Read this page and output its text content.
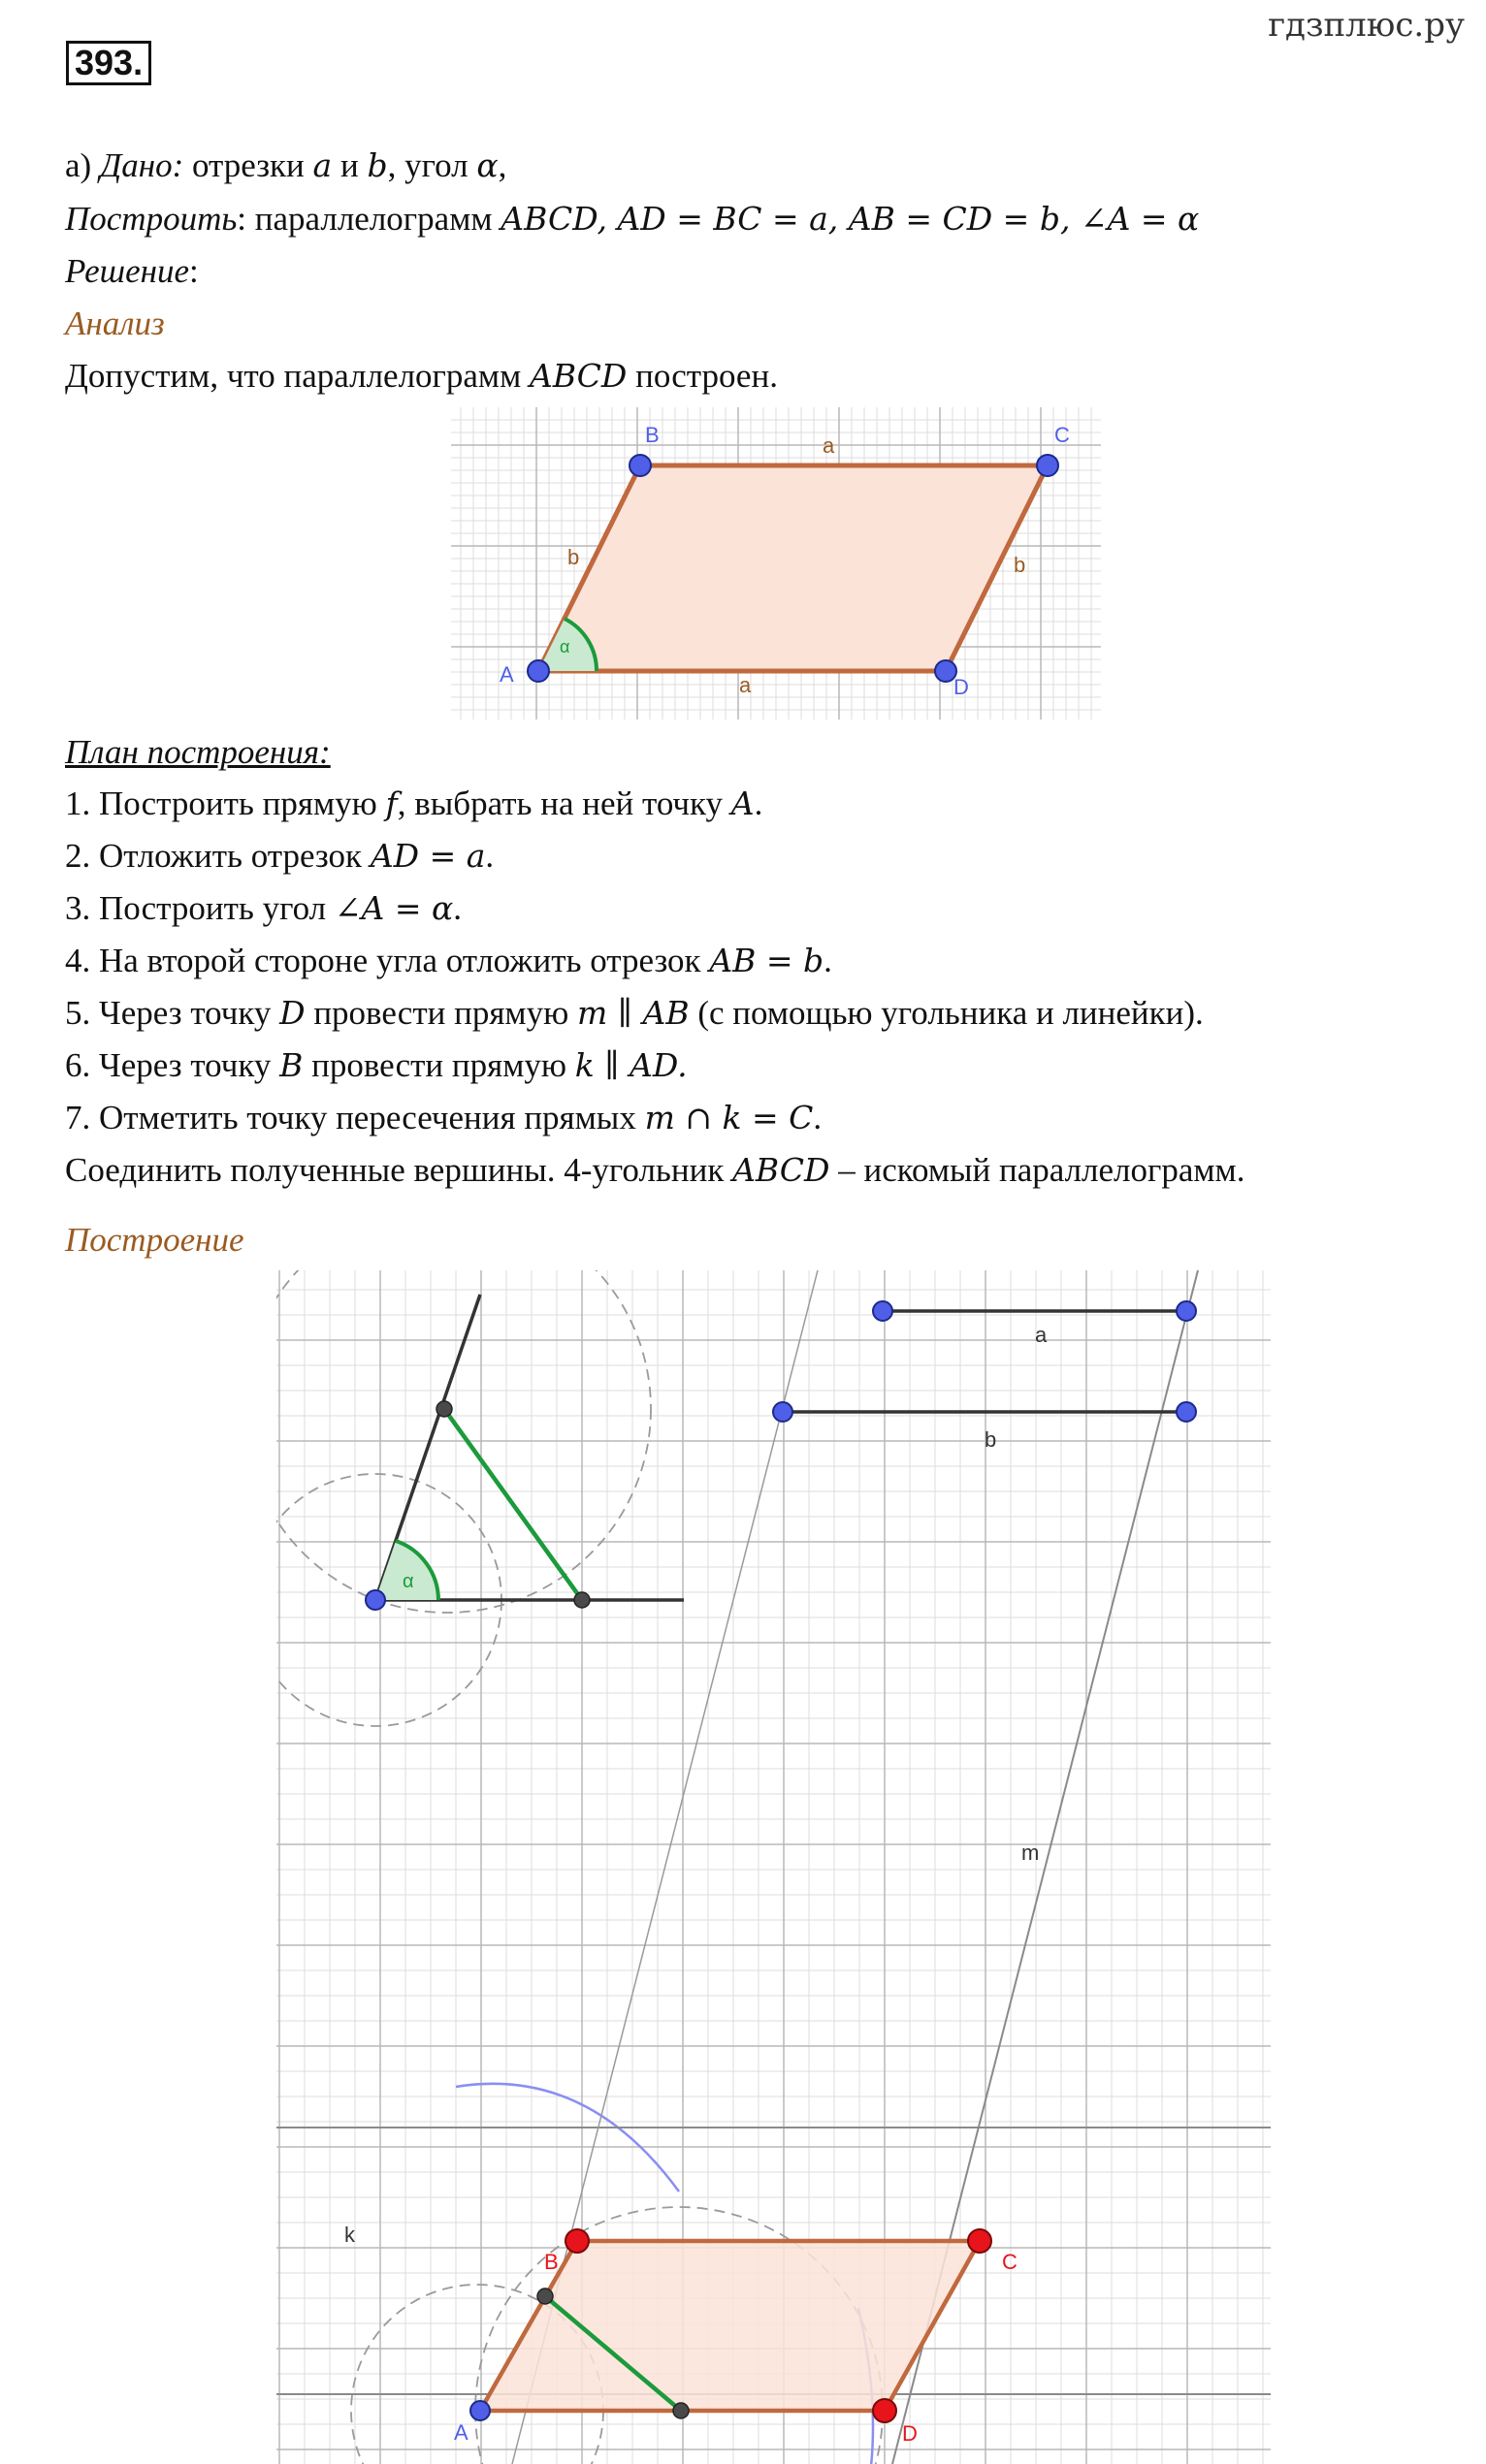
393.
гдзплюс.ру
а) Дано: отрезки a и b, угол α,
Построить: параллелограмм ABCD, AD = BC = a, AB = CD = b, ∠A = α
Решение:
Анализ
Допустим, что параллелограмм ABCD построен.
B	C
A
D
a
a
b	b
α
План построения:
1. Построить прямую f, выбрать на ней точку A.
2. Отложить отрезок AD = a.
3. Построить угол ∠A = α.
4. На второй стороне угла отложить отрезок AB = b.
5. Через точку D провести прямую m ∥ AB (с помощью угольника и линейки).
6. Через точку B провести прямую k ∥ AD.
7. Отметить точку пересечения прямых m ∩ k = C.
Соединить полученные вершины. 4-угольник ABCD – искомый параллелограмм.
Построение
a
b
α
m
k
A
B	C
D
